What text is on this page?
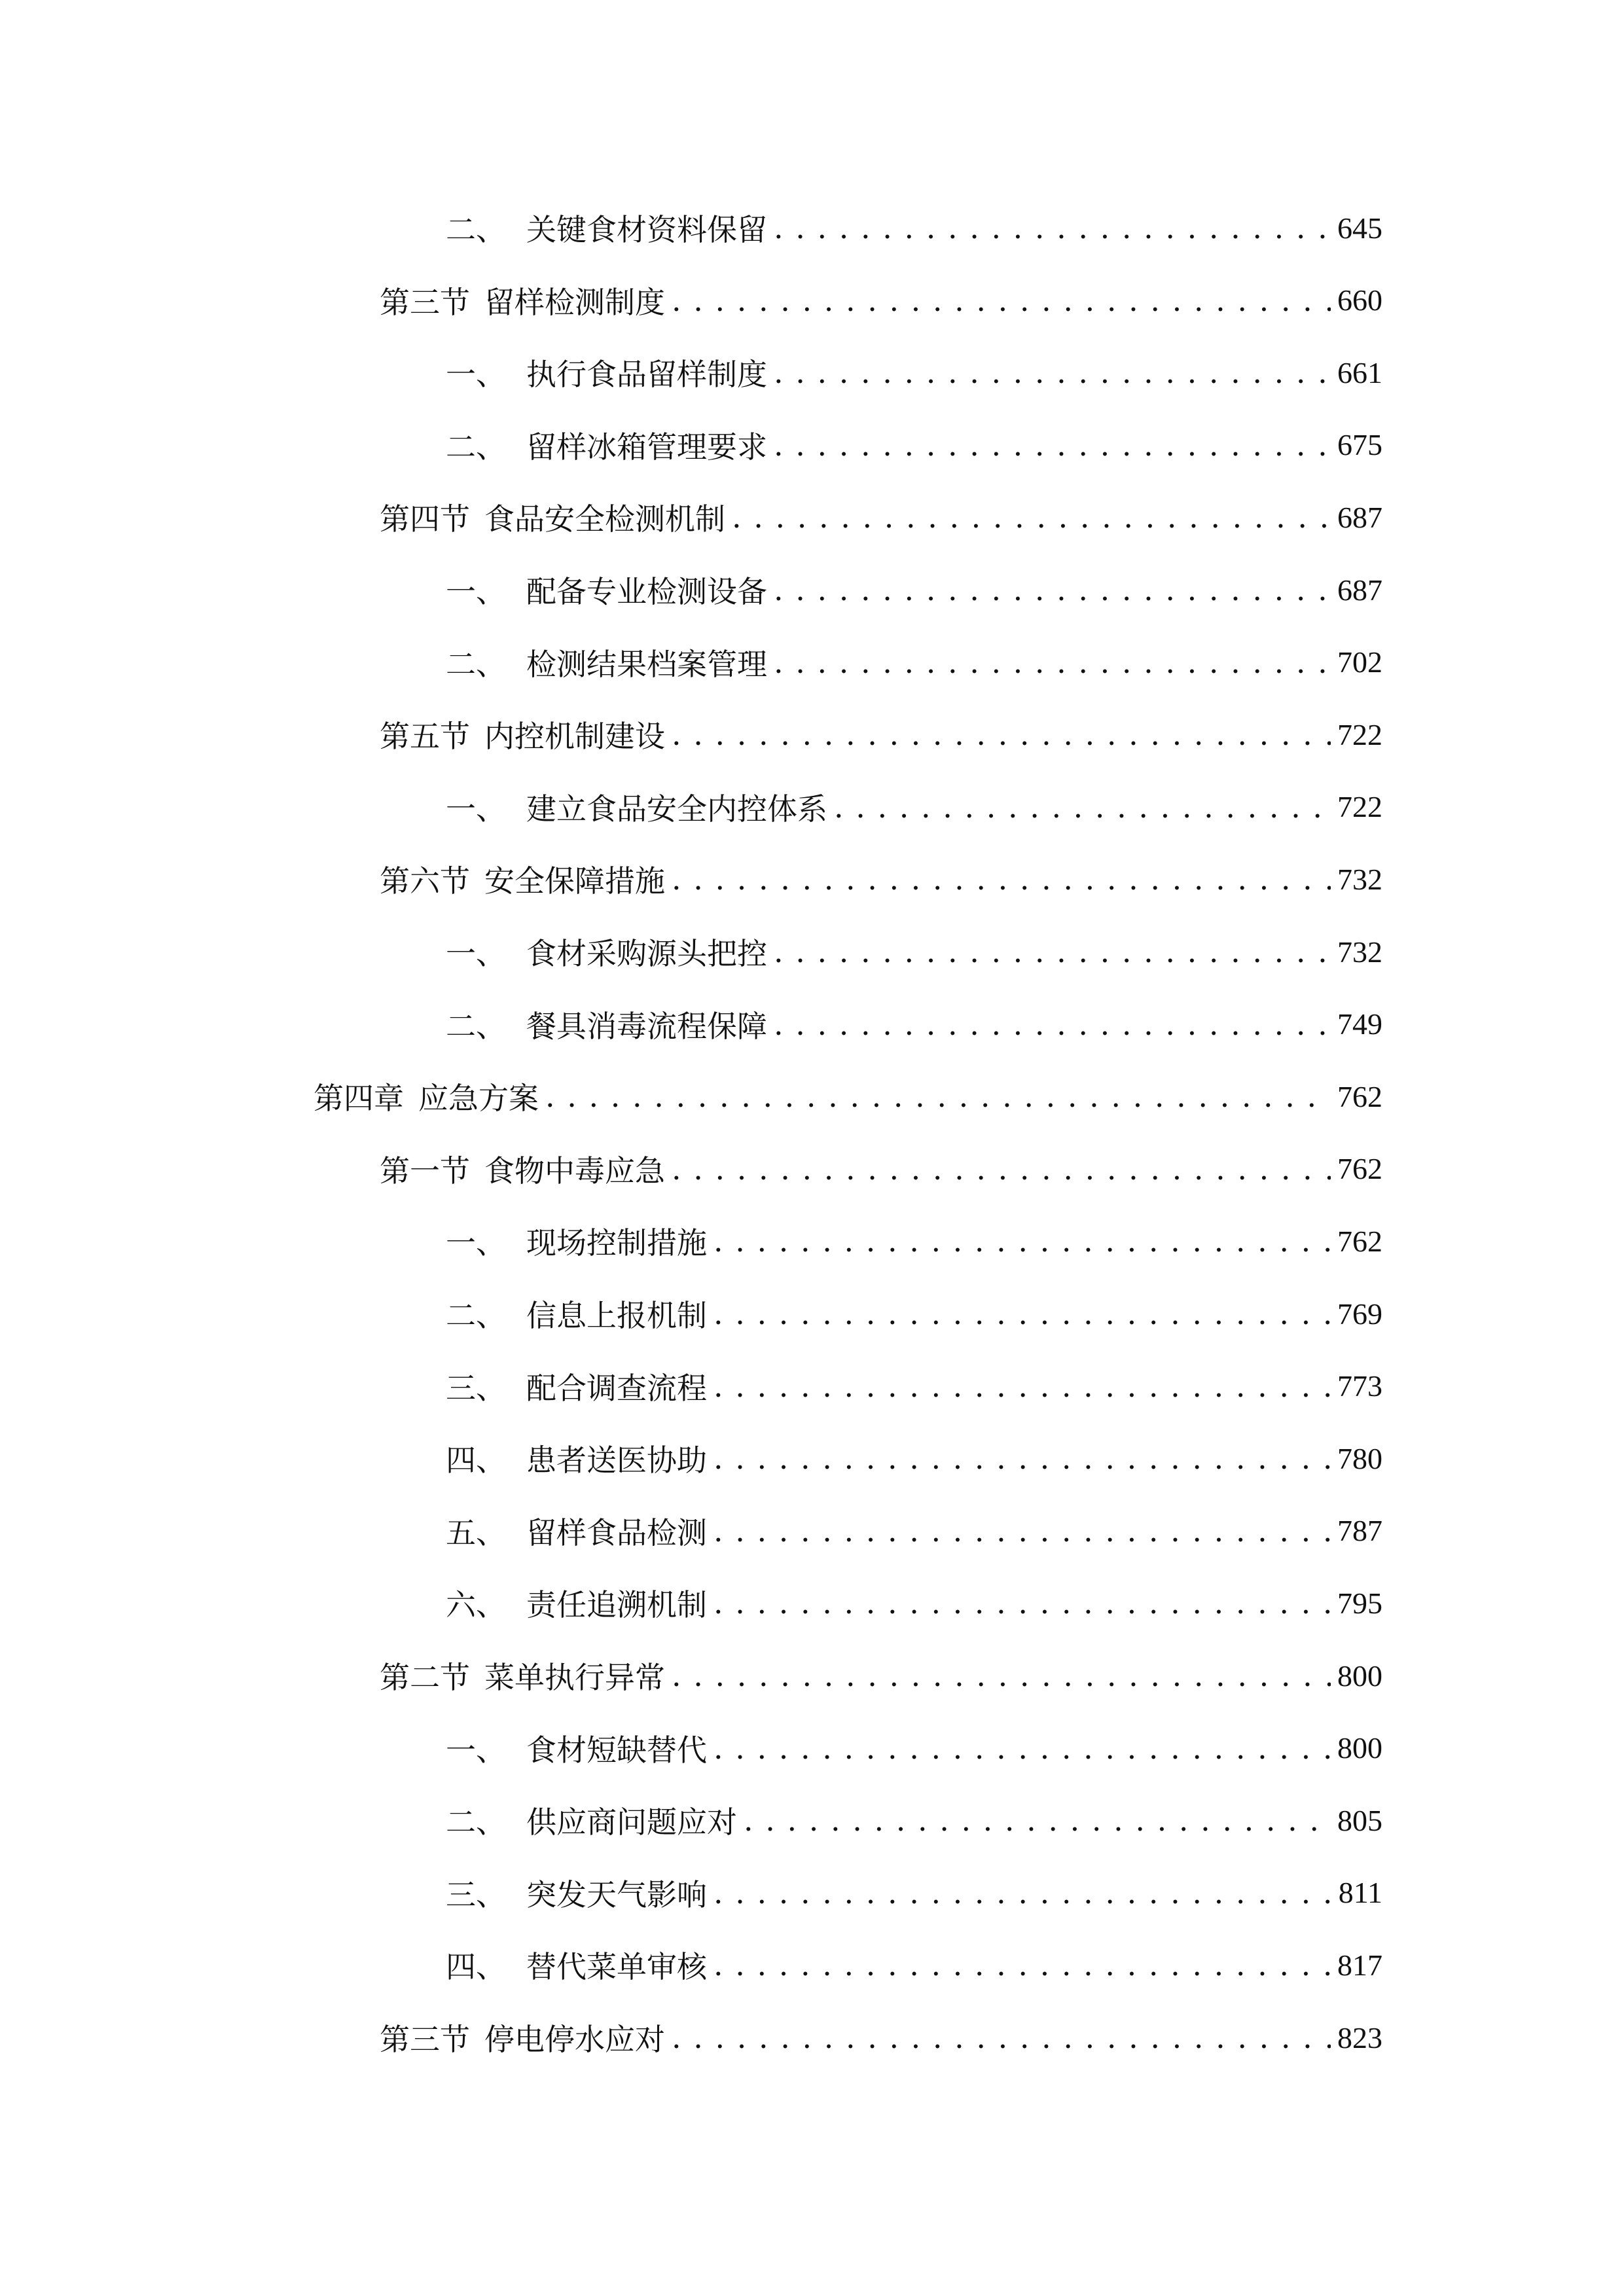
二、 关键食材资料保留 . . .	645
第三节 留样检测制度 . . .	660
一、 执行食品留样制度 . . .	661
二、 留样冰箱管理要求 . . .	675
第四节 食品安全检测机制 . . .	687
一、 配备专业检测设备 . . .	687
二、 检测结果档案管理 . . .	702
第五节 内控机制建设 . . .	722
一、 建立食品安全内控体系 . . .	722
第六节 安全保障措施 . . .	732
一、 食材采购源头把控 . . .	732
二、 餐具消毒流程保障 . . .	749
第四章 应急方案 . . .	762
第一节 食物中毒应急 . . .	762
一、 现场控制措施 . . .	762
二、 信息上报机制 . . .	769
三、 配合调查流程 . . .	773
四、 患者送医协助 . . .	780
五、 留样食品检测 . . .	787
六、 责任追溯机制 . . .	795
第二节 菜单执行异常 . . .	800
一、 食材短缺替代 . . .	800
二、 供应商问题应对 . . .	805
三、 突发天气影响 . . .	811
四、 替代菜单审核 . . .	817
第三节 停电停水应对 . . .	823
